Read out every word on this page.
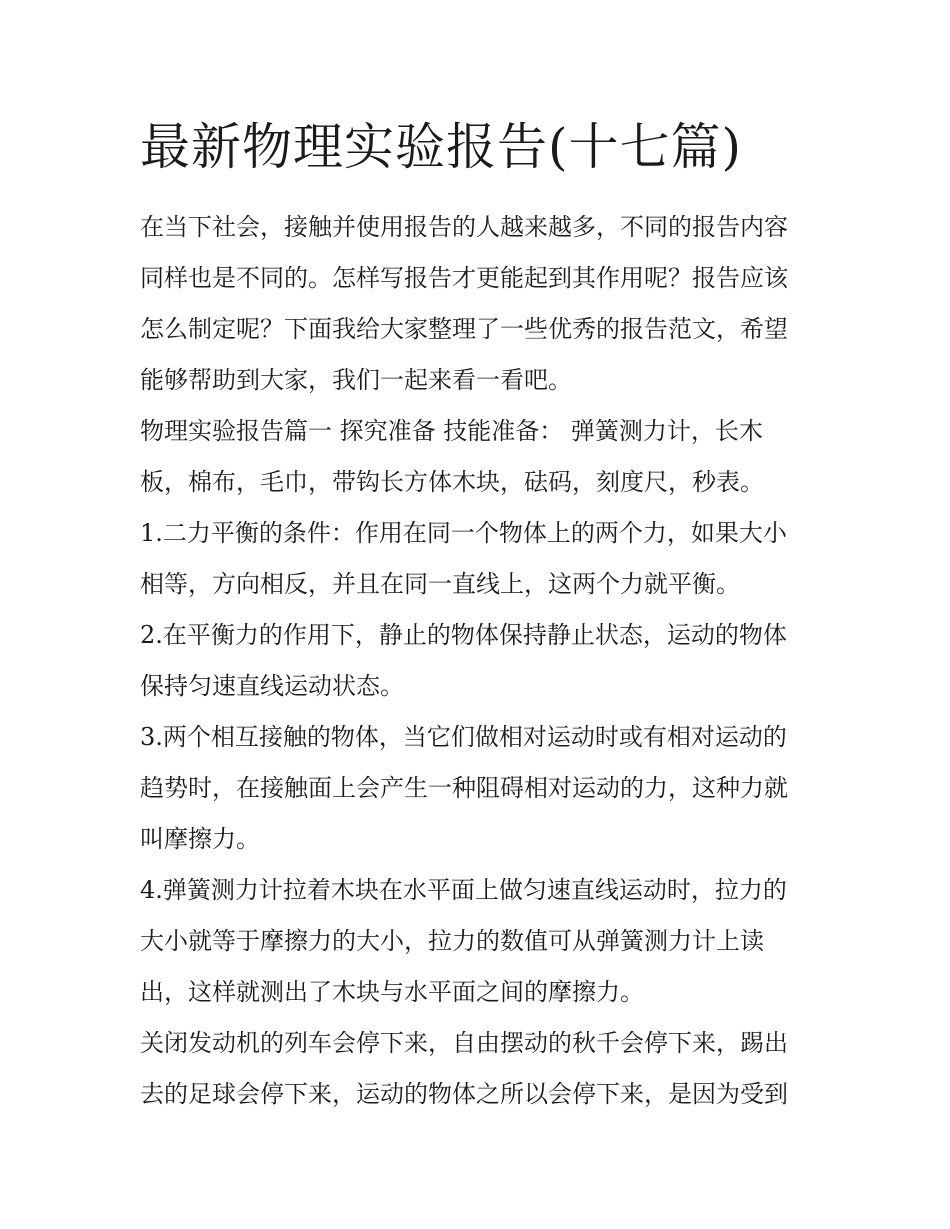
最新物理实验报告(十七篇)

在当下社会，接触并使用报告的人越来越多，不同的报告内容
同样也是不同的。怎样写报告才更能起到其作用呢？报告应该
怎么制定呢？下面我给大家整理了一些优秀的报告范文，希望
能够帮助到大家，我们一起来看一看吧。

物理实验报告篇一 探究准备 技能准备： 弹簧测力计，长木
板，棉布，毛巾，带钩长方体木块，砝码，刻度尺，秒表。

1.二力平衡的条件：作用在同一个物体上的两个力，如果大小
相等，方向相反，并且在同一直线上，这两个力就平衡。

2.在平衡力的作用下，静止的物体保持静止状态，运动的物体
保持匀速直线运动状态。

3.两个相互接触的物体，当它们做相对运动时或有相对运动的
趋势时，在接触面上会产生一种阻碍相对运动的力，这种力就
叫摩擦力。

4.弹簧测力计拉着木块在水平面上做匀速直线运动时，拉力的
大小就等于摩擦力的大小，拉力的数值可从弹簧测力计上读
出，这样就测出了木块与水平面之间的摩擦力。

关闭发动机的列车会停下来，自由摆动的秋千会停下来，踢出
去的足球会停下来，运动的物体之所以会停下来，是因为受到
